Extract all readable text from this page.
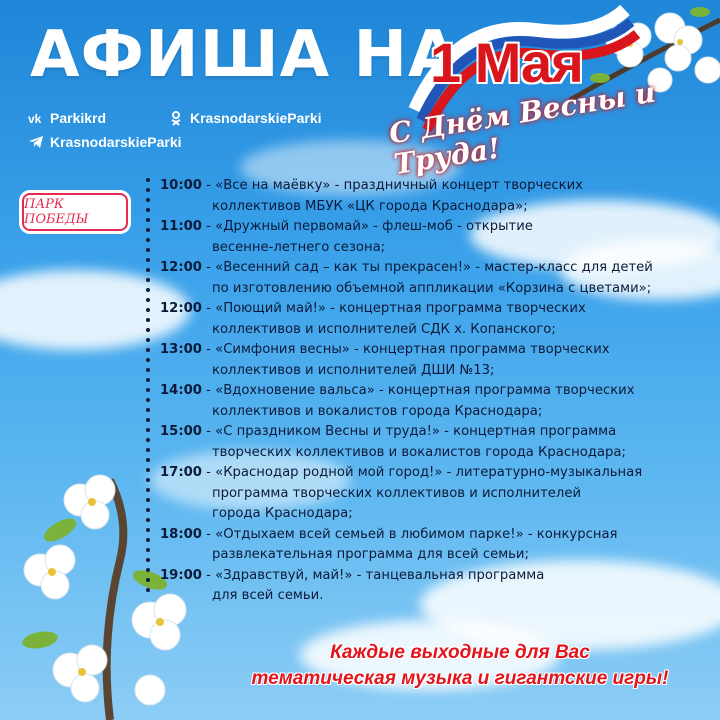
АФИША НА
vk Parkikrd	KrasnodarskieParki
KrasnodarskieParki
1 Мая
С Днём Весны и Труда!
ПАРК ПОБЕДЫ
10:00 - «Все на маёвку» - праздничный концерт творческих
коллективов МБУК «ЦК города Краснодара»;
11:00 - «Дружный первомай» - флеш-моб - открытие
весенне-летнего сезона;
12:00 - «Весенний сад – как ты прекрасен!» - мастер-класс для детей
по изготовлению объемной аппликации «Корзина с цветами»;
12:00 - «Поющий май!» - концертная программа творческих
коллективов и исполнителей СДК х. Копанского;
13:00 - «Симфония весны» - концертная программа творческих
коллективов и исполнителей ДШИ №13;
14:00 - «Вдохновение вальса» - концертная программа творческих
коллективов и вокалистов города Краснодара;
15:00 - «С праздником Весны и труда!» - концертная программа
творческих коллективов и вокалистов города Краснодара;
17:00 - «Краснодар родной мой город!» - литературно-музыкальная
программа творческих коллективов и исполнителей
города Краснодара;
18:00 - «Отдыхаем всей семьей в любимом парке!» - конкурсная
развлекательная программа для всей семьи;
19:00 - «Здравствуй, май!» - танцевальная программа
для всей семьи.
Каждые выходные для Вас
тематическая музыка и гигантские игры!
